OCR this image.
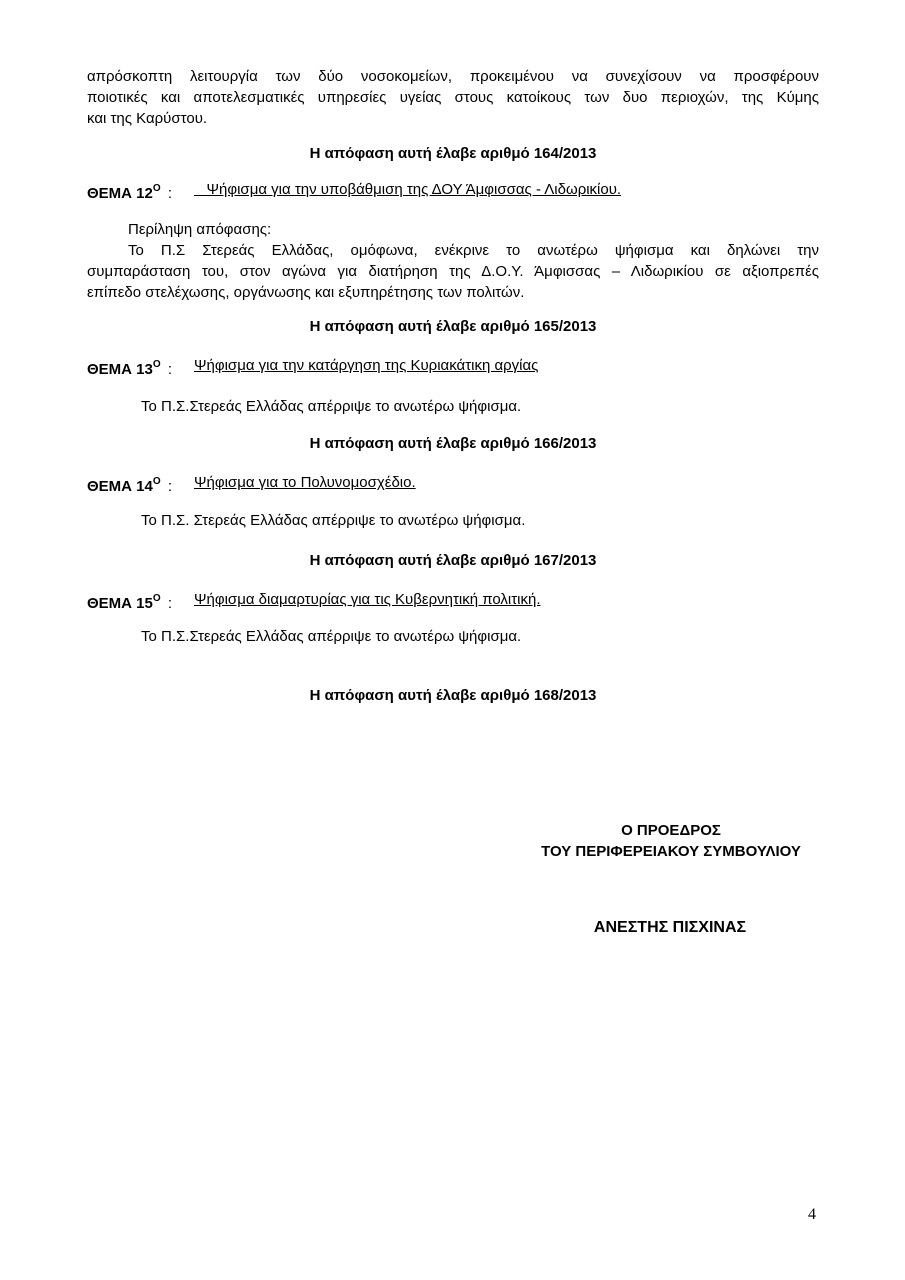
απρόσκοπτη λειτουργία των δύο νοσοκομείων, προκειμένου να συνεχίσουν να προσφέρουν
ποιοτικές και αποτελεσματικές υπηρεσίες υγείας στους κατοίκους των δυο περιοχών, της Κύμης
και της Καρύστου.
Η απόφαση αυτή έλαβε αριθμό 164/2013
ΘΕΜΑ $12^O$ : Ψήφισμα για την υποβάθμιση της ΔΟΥ Άμφισσας - Λιδωρικίου.
Περίληψη απόφασης:
Το Π.Σ Στερεάς Ελλάδας, ομόφωνα, ενέκρινε το ανωτέρω ψήφισμα και δηλώνει την
συμπαράσταση του, στον αγώνα για διατήρηση της Δ.Ο.Υ. Άμφισσας – Λιδωρικίου σε αξιοπρεπές
επίπεδο στελέχωσης, οργάνωσης και εξυπηρέτησης των πολιτών.
Η απόφαση αυτή έλαβε αριθμό 165/2013
ΘΕΜΑ $13^O$ : Ψήφισμα για την κατάργηση της Κυριακάτικη αργίας
Το Π.Σ.Στερεάς Ελλάδας απέρριψε το ανωτέρω ψήφισμα.
Η απόφαση αυτή έλαβε αριθμό 166/2013
ΘΕΜΑ $14^O$ : Ψήφισμα για το Πολυνομοσχέδιο.
Το Π.Σ. Στερεάς Ελλάδας απέρριψε το ανωτέρω ψήφισμα.
Η απόφαση αυτή έλαβε αριθμό 167/2013
ΘΕΜΑ $15^O$ : Ψήφισμα διαμαρτυρίας για τις Κυβερνητική πολιτική.
Το Π.Σ.Στερεάς Ελλάδας απέρριψε το ανωτέρω ψήφισμα.
Η απόφαση αυτή έλαβε αριθμό 168/2013
Ο ΠΡΟΕΔΡΟΣ
ΤΟΥ ΠΕΡΙΦΕΡΕΙΑΚΟΥ ΣΥΜΒΟΥΛΙΟΥ
ΑΝΕΣΤΗΣ ΠΙΣΧΙΝΑΣ
4
